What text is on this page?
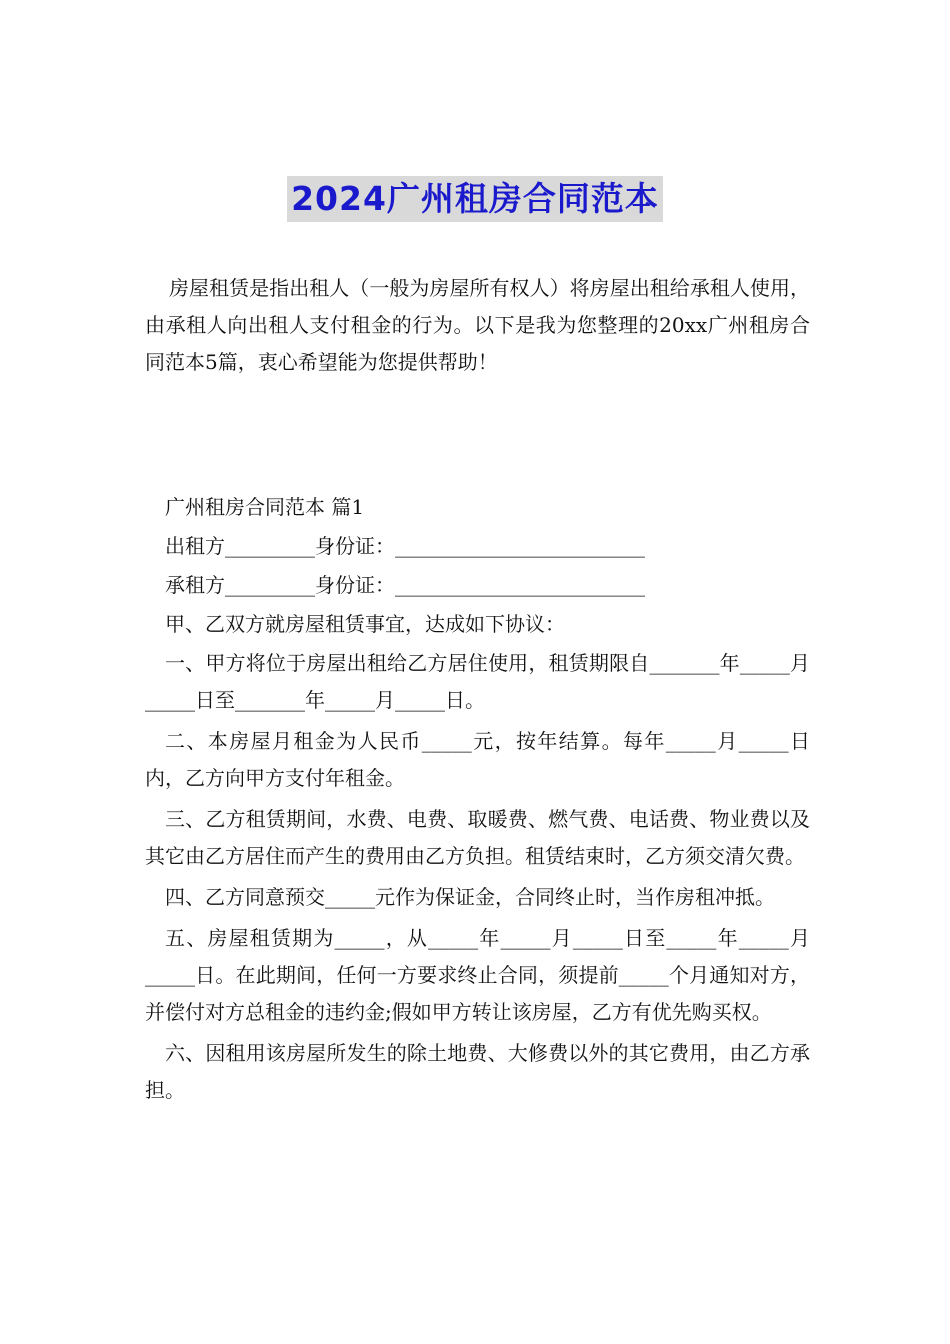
2024广州租房合同范本

房屋租赁是指出租人（一般为房屋所有权人）将房屋出租给承租人使用，由承租人向出租人支付租金的行为。以下是我为您整理的20xx广州租房合同范本5篇，衷心希望能为您提供帮助！

广州租房合同范本 篇1

出租方_________身份证：_________________________

承租方_________身份证：_________________________

甲、乙双方就房屋租赁事宜，达成如下协议：

一、甲方将位于房屋出租给乙方居住使用，租赁期限自_______年_____月_____日至_______年_____月_____日。

二、本房屋月租金为人民币_____元，按年结算。每年_____月_____日内，乙方向甲方支付年租金。

三、乙方租赁期间，水费、电费、取暖费、燃气费、电话费、物业费以及其它由乙方居住而产生的费用由乙方负担。租赁结束时，乙方须交清欠费。

四、乙方同意预交_____元作为保证金，合同终止时，当作房租冲抵。

五、房屋租赁期为_____，从_____年_____月_____日至_____年_____月_____日。在此期间，任何一方要求终止合同，须提前_____个月通知对方，并偿付对方总租金的违约金;假如甲方转让该房屋，乙方有优先购买权。

六、因租用该房屋所发生的除土地费、大修费以外的其它费用，由乙方承担。
